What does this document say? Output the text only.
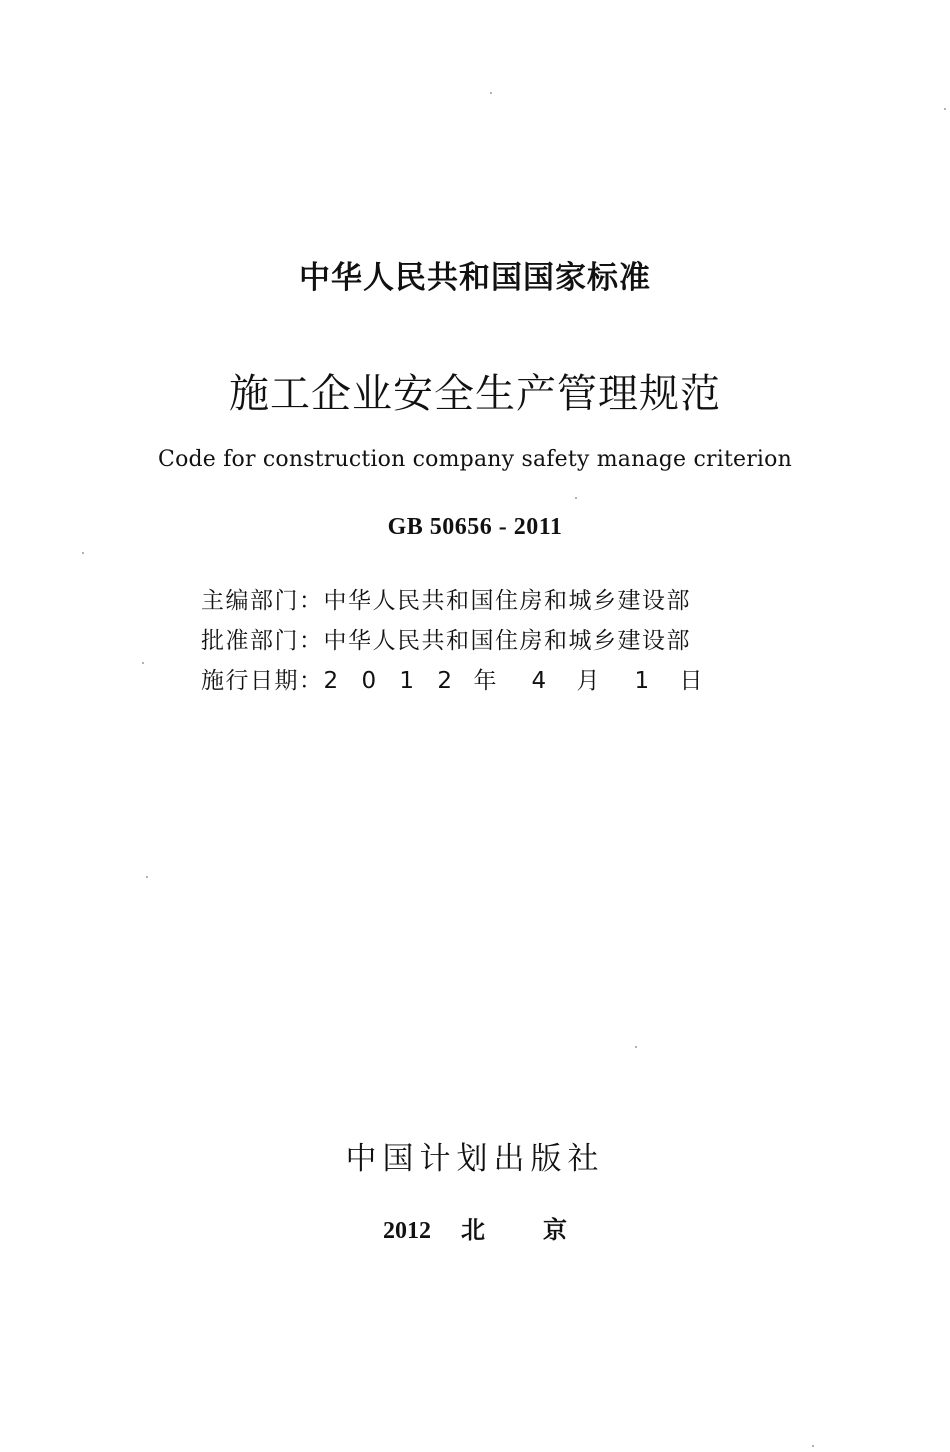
中华人民共和国国家标准
施工企业安全生产管理规范
Code for construction company safety manage criterion
GB 50656 - 2011
主编部门：中华人民共和国住房和城乡建设部
批准部门：中华人民共和国住房和城乡建设部
施行日期：2 0 1 2 年 4 月 1 日
中国计划出版社
2012 北 京
